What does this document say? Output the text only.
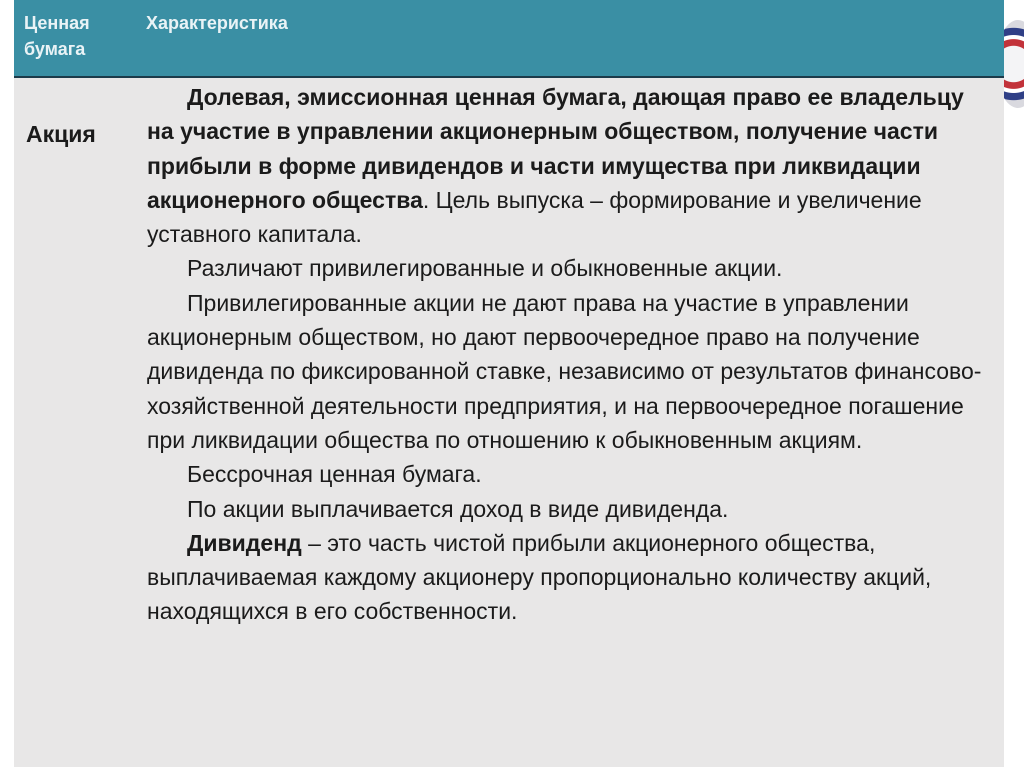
Ценная бумага
Характеристика
Акция

Долевая, эмиссионная ценная бумага, дающая право ее владельцу на участие в управлении акционерным обществом, получение части прибыли в форме дивидендов и части имущества при ликвидации акционерного общества. Цель выпуска – формирование и увеличение уставного капитала.

Различают привилегированные и обыкновенные акции.

Привилегированные акции не дают права на участие в управлении акционерным обществом, но дают первоочередное право на получение дивиденда по фиксированной ставке, независимо от результатов финансово-хозяйственной деятельности предприятия, и на первоочередное погашение при ликвидации общества по отношению к обыкновенным акциям.

Бессрочная ценная бумага.

По акции выплачивается доход в виде дивиденда.

Дивиденд – это часть чистой прибыли акционерного общества, выплачиваемая каждому акционеру пропорционально количеству акций, находящихся в его собственности.
